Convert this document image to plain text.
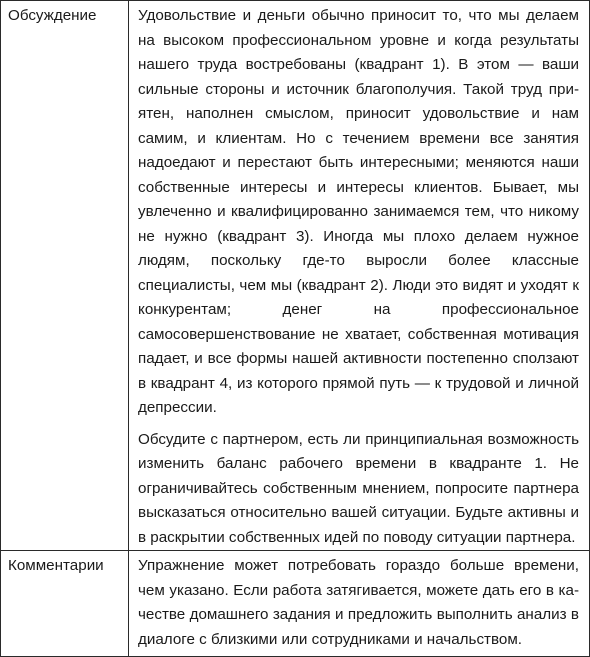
Обсуждение	Удовольствие и деньги обычно приносит то, что мы делаем на высоком профессиональном уровне и когда результаты нашего труда востребованы (квадрант 1). В этом — ваши сильные стороны и источник благополучия. Такой труд приятен, наполнен смыслом, приносит удовольствие и нам самим, и клиентам. Но с течением времени все занятия надоедают и перестают быть интересными; меняются наши собственные интересы и интересы клиентов. Бывает, мы увлеченно и квалифицированно занимаемся тем, что никому не нужно (квадрант 3). Иногда мы плохо делаем нужное людям, поскольку где-то выросли более классные специалисты, чем мы (квадрант 2). Люди это видят и уходят к конкурентам; денег на профессиональное самосовершенствование не хватает, собственная мотивация падает, и все формы нашей активности постепенно сползают в квадрант 4, из которого прямой путь — к трудовой и личной депрессии.

Обсудите с партнером, есть ли принципиальная возможность изменить баланс рабочего времени в квадранте 1. Не ограничивайтесь собственным мнением, попросите партнера высказаться относительно вашей ситуации. Будьте активны и в раскрытии собственных идей по поводу ситуации партнера.

Комментарии	Упражнение может потребовать гораздо больше времени, чем указано. Если работа затягивается, можете дать его в качестве домашнего задания и предложить выполнить анализ в диалоге с близкими или сотрудниками и начальством.
